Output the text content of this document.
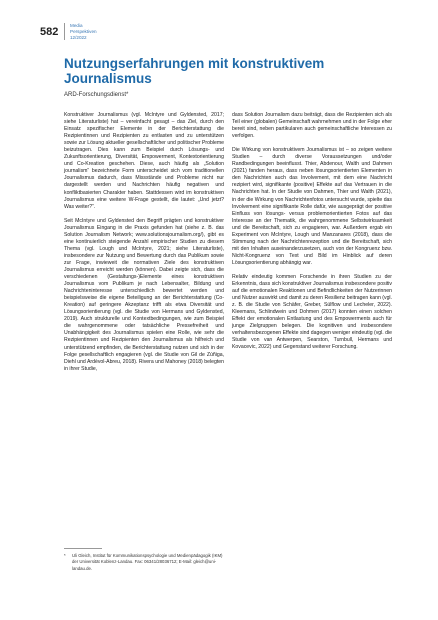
582
Media
Perspektiven
12/2022
Nutzungserfahrungen mit konstruktivem Journalismus
ARD-Forschungsdienst*

Konstruktiver Journalismus (vgl. McIntyre und Gyldensted, 2017; siehe Literaturliste) hat – vereinfacht gesagt – das Ziel, durch den Einsatz spezifischer Elemente in der Berichterstattung die Rezipientinnen und Rezipienten zu entlasten und zu unterstützen sowie zur Lösung aktueller gesellschaftlicher und politischer Probleme beizutragen. Dies kann zum Beispiel durch Lösungs- und Zukunftsorientierung, Diversität, Empowerment, Kontextorientierung und Co-Kreation geschehen. Diese, auch häufig als „Solution journalism“ bezeichnete Form unterscheidet sich vom traditionellen Journalismus dadurch, dass Missstände und Probleme nicht nur dargestellt werden und Nachrichten häufig negativen und konfliktbasierten Charakter haben. Stattdessen wird im konstruktiven Journalismus eine weitere W-Frage gestellt, die lautet: „Und jetzt? Was weiter?“.

Seit McIntyre und Gyldensted den Begriff prägten und konstruktiver Journalismus Eingang in die Praxis gefunden hat (siehe z. B. das Solution Journalism Network; www.solutionsjournalism.org/), gibt es eine kontinuierlich steigende Anzahl empirischer Studien zu diesem Thema (vgl. Lough und McIntyre, 2021; siehe Literaturliste), insbesondere zur Nutzung und Bewertung durch das Publikum sowie zur Frage, inwieweit die normativen Ziele des konstruktiven Journalismus erreicht werden (können). Dabei zeigte sich, dass die verschiedenen (Gestaltungs-)Elemente eines konstruktiven Journalismus vom Publikum je nach Lebensalter, Bildung und Nachrichteninteresse unterschiedlich bewertet werden und beispielsweise die eigene Beteiligung an der Berichterstattung (Co-Kreation) auf geringere Akzeptanz trifft als etwa Diversität und Lösungsorientierung (vgl. die Studie von Hermans und Gyldensted, 2019). Auch strukturelle und Kontextbedingungen, wie zum Beispiel die wahrgenommene oder tatsächliche Pressefreiheit und Unabhängigkeit des Journalismus spielen eine Rolle, wie sehr die Rezipientinnen und Rezipienten den Journalismus als hilfreich und unterstützend empfinden, die Berichterstattung nutzen und sich in der Folge gesellschaftlich engagieren (vgl. die Studie von Gil de Zúñiga, Diehl und Ardèvol-Abreu, 2018). Rivera und Mahoney (2018) belegten in ihrer Studie,

dass Solution Journalism dazu beiträgt, dass die Rezipienten sich als Teil einer (globalen) Gemeinschaft wahrnehmen und in der Folge eher bereit sind, neben partikularen auch gemeinschaftliche Interessen zu verfolgen.

Die Wirkung von konstruktivem Journalismus ist – so zeigen weitere Studien – durch diverse Voraussetzungen und/oder Randbedingungen beeinflusst. Thier, Abdenour, Walth und Dahmen (2021) fanden heraus, dass neben lösungsorientierten Elementen in den Nachrichten auch das Involvement, mit dem eine Nachricht rezipiert wird, signifikante (positive) Effekte auf das Vertrauen in die Nachrichten hat. In der Studie von Dahmen, Thier und Walth (2021), in der die Wirkung von Nachrichtenfotos untersucht wurde, spielte das Involvement eine signifikante Rolle dafür, wie ausgeprägt der positive Einfluss von lösungs- versus problemorientierten Fotos auf das Interesse an der Thematik, die wahrgenommene Selbstwirksamkeit und die Bereitschaft, sich zu engagieren, war. Außerdem ergab ein Experiment von McIntyre, Lough und Manzanares (2018), dass die Stimmung nach der Nachrichtenrezeption und die Bereitschaft, sich mit den Inhalten auseinanderzusetzen, auch von der Kongruenz bzw. Nicht-Kongruenz von Text und Bild im Hinblick auf deren Lösungsorientierung abhängig war.

Relativ eindeutig kommen Forschende in ihren Studien zu der Erkenntnis, dass sich konstruktiver Journalismus insbesondere positiv auf die emotionalen Reaktionen und Befindlichkeiten der Nutzerinnen und Nutzer auswirkt und damit zu deren Resilienz beitragen kann (vgl. z. B. die Studie von Schäfer, Greber, Sülflow und Lecheler, 2022). Kleemans, Schlindwein und Dohmen (2017) konnten einen solchen Effekt der emotionalen Entlastung und des Empowerments auch für junge Zielgruppen belegen. Die kognitiven und insbesondere verhaltensbezogenen Effekte sind dagegen weniger eindeutig (vgl. die Studie von van Antwerpen, Searston, Turnbull, Hermans und Kovacevic, 2022) und Gegenstand weiterer Forschung.

*	Uli Gleich, Institut für Kommunikationspsychologie und Medienpädagogik (IKM) der Universität Koblenz-Landau. Fax: 06341/28036712; E-Mail: gleich@uni-landau.de.
